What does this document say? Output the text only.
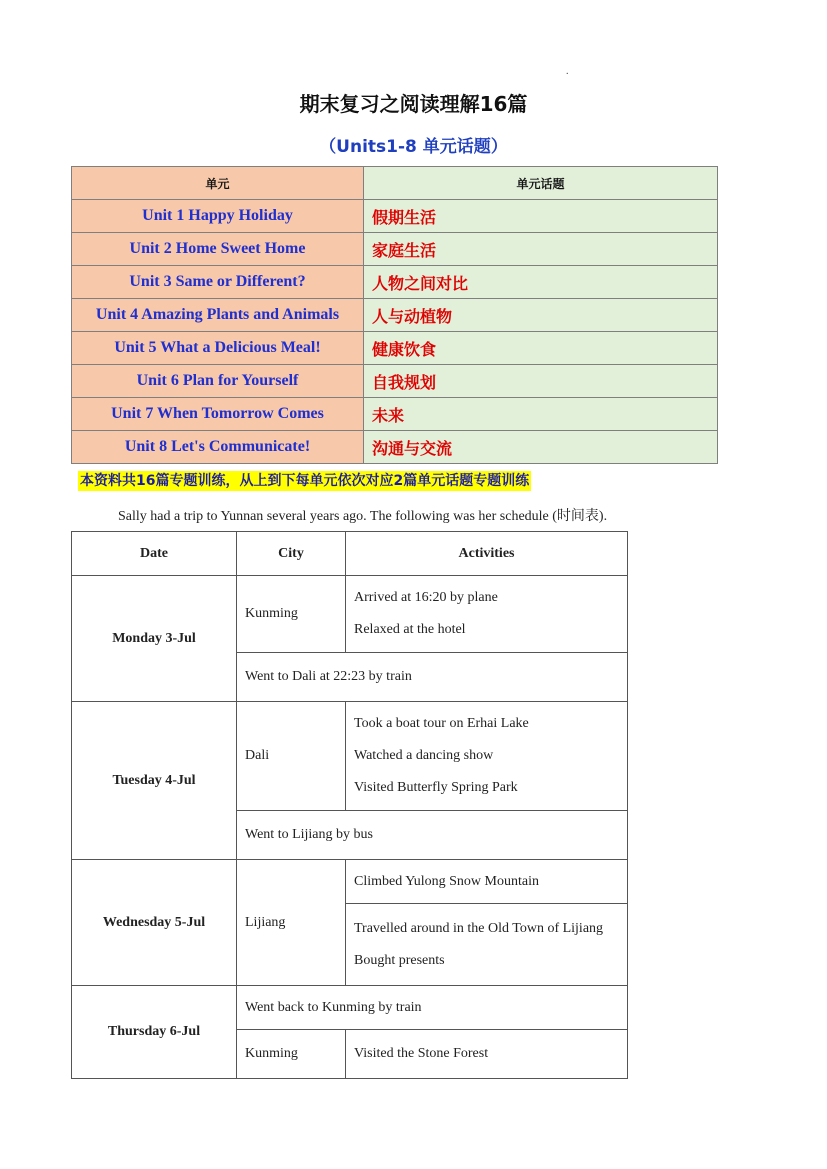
.
期末复习之阅读理解16篇
（Units1-8 单元话题）
单元	单元话题
Unit 1 Happy Holiday	假期生活
Unit 2 Home Sweet Home	家庭生活
Unit 3 Same or Different?	人物之间对比
Unit 4 Amazing Plants and Animals	人与动植物
Unit 5 What a Delicious Meal!	健康饮食
Unit 6 Plan for Yourself	自我规划
Unit 7 When Tomorrow Comes	未来
Unit 8 Let's Communicate!	沟通与交流
本资料共16篇专题训练，从上到下每单元依次对应2篇单元话题专题训练
Sally had a trip to Yunnan several years ago. The following was her schedule (时间表).
Date	City	Activities
Monday 3-Jul	Kunming	Arrived at 16:20 by plane
Relaxed at the hotel

	Went to Dali at 22:23 by train	
Tuesday 4-Jul	Dali	Took a boat tour on Erhai Lake
Watched a dancing show
Visited Butterfly Spring Park

	Went to Lijiang by bus	
Wednesday 5-Jul	Lijiang	Climbed Yulong Snow Mountain

		Travelled around in the Old Town of Lijiang
Bought presents

Thursday 6-Jul	Went back to Kunming by train	
	Kunming	Visited the Stone Forest
